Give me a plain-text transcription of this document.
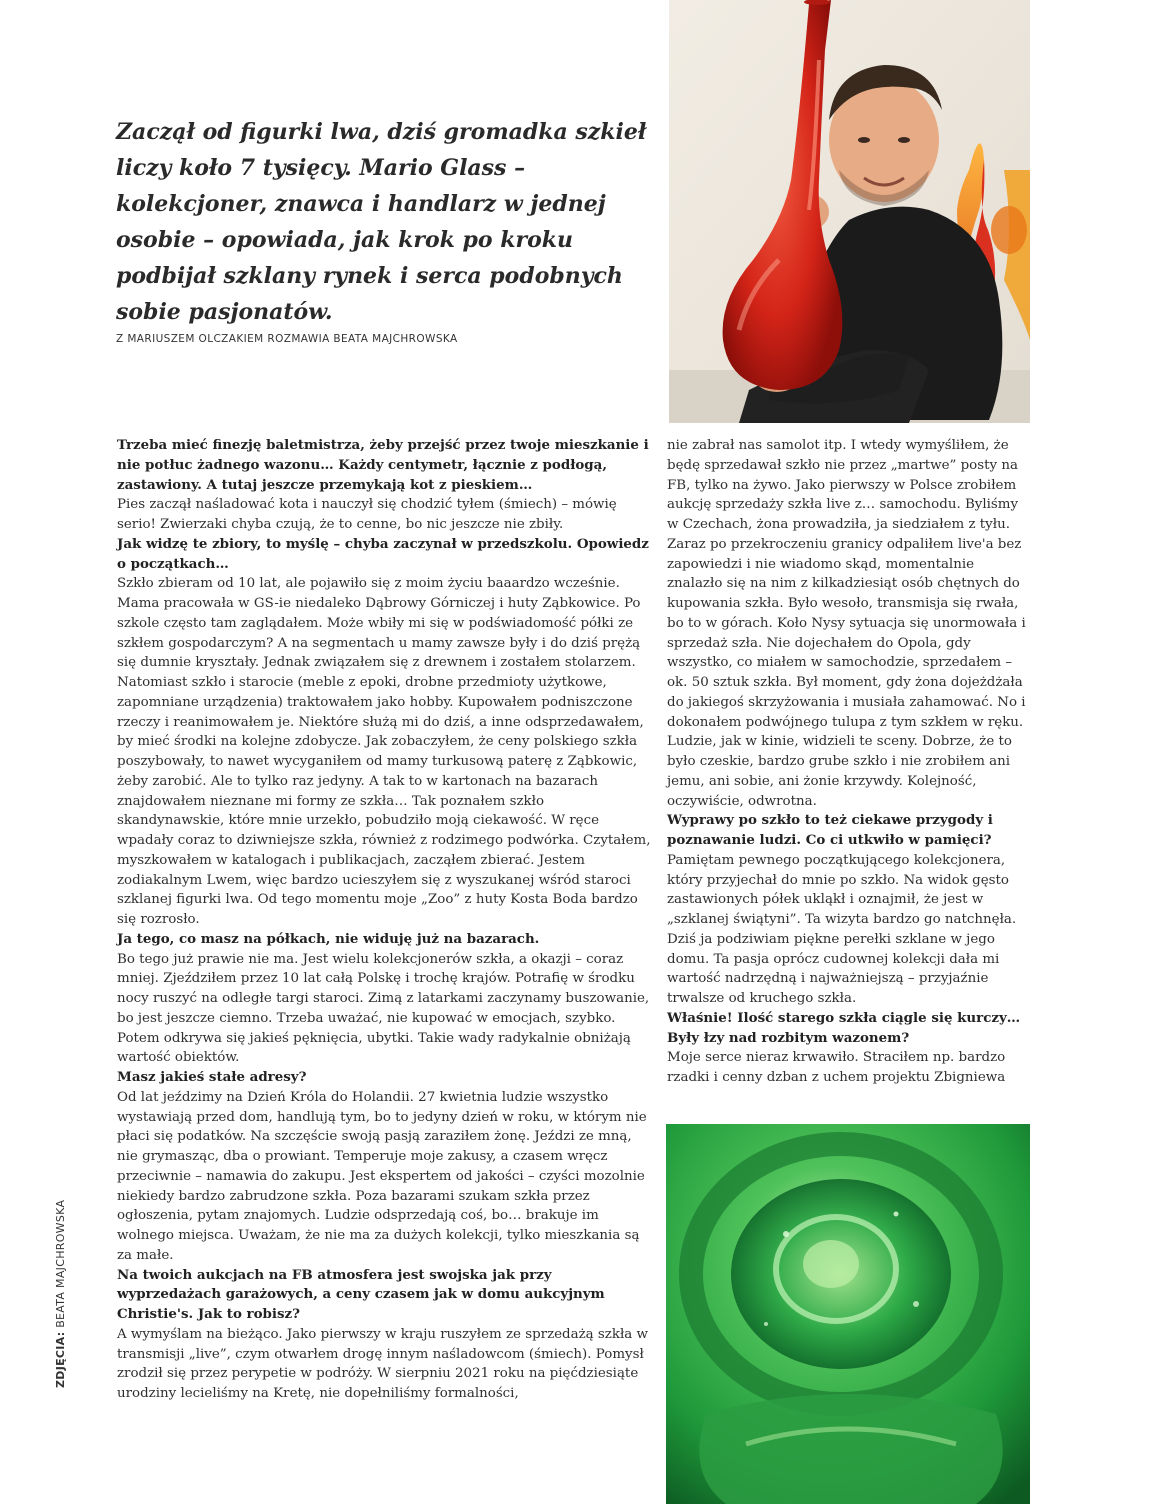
Zaczął od figurki lwa, dziś gromadka szkieł liczy koło 7 tysięcy. Mario Glass – kolekcjoner, znawca i handlarz w jednej osobie – opowiada, jak krok po kroku podbijał szklany rynek i serca podobnych sobie pasjonatów.

Z MARIUSZEM OLCZAKIEM ROZMAWIA BEATA MAJCHROWSKA

Trzeba mieć finezję baletmistrza, żeby przejść przez twoje mieszkanie i nie potłuc żadnego wazonu… Każdy centymetr, łącznie z podłogą, zastawiony. A tutaj jeszcze przemykają kot z pieskiem…

Pies zaczął naśladować kota i nauczył się chodzić tyłem (śmiech) – mówię serio! Zwierzaki chyba czują, że to cenne, bo nic jeszcze nie zbiły.

Jak widzę te zbiory, to myślę – chyba zaczynał w przedszkolu. Opowiedz o początkach…

Szkło zbieram od 10 lat, ale pojawiło się z moim życiu baaardzo wcześnie. Mama pracowała w GS-ie niedaleko Dąbrowy Górniczej i huty Ząbkowice. Po szkole często tam zaglądałem. Może wbiły mi się w podświadomość półki ze szkłem gospodarczym? A na segmentach u mamy zawsze były i do dziś prężą się dumnie kryształy. Jednak związałem się z drewnem i zostałem stolarzem. Natomiast szkło i starocie (meble z epoki, drobne przedmioty użytkowe, zapomniane urządzenia) traktowałem jako hobby. Kupowałem podniszczone rzeczy i reanimowałem je. Niektóre służą mi do dziś, a inne odsprzedawałem, by mieć środki na kolejne zdobycze. Jak zobaczyłem, że ceny polskiego szkła poszybowały, to nawet wycyganiłem od mamy turkusową paterę z Ząbkowic, żeby zarobić. Ale to tylko raz jedyny. A tak to w kartonach na bazarach znajdowałem nieznane mi formy ze szkła… Tak poznałem szkło skandynawskie, które mnie urzekło, pobudziło moją ciekawość. W ręce wpadały coraz to dziwniejsze szkła, również z rodzimego podwórka. Czytałem, myszkowałem w katalogach i publikacjach, zacząłem zbierać. Jestem zodiakalnym Lwem, więc bardzo ucieszyłem się z wyszukanej wśród staroci szklanej figurki lwa. Od tego momentu moje „Zoo” z huty Kosta Boda bardzo się rozrosło.

Ja tego, co masz na półkach, nie widuję już na bazarach.

Bo tego już prawie nie ma. Jest wielu kolekcjonerów szkła, a okazji – coraz mniej. Zjeździłem przez 10 lat całą Polskę i trochę krajów. Potrafię w środku nocy ruszyć na odległe targi staroci. Zimą z latarkami zaczynamy buszowanie, bo jest jeszcze ciemno. Trzeba uważać, nie kupować w emocjach, szybko. Potem odkrywa się jakieś pęknięcia, ubytki. Takie wady radykalnie obniżają wartość obiektów.

Masz jakieś stałe adresy?

Od lat jeździmy na Dzień Króla do Holandii. 27 kwietnia ludzie wszystko wystawiają przed dom, handlują tym, bo to jedyny dzień w roku, w którym nie płaci się podatków. Na szczęście swoją pasją zaraziłem żonę. Jeździ ze mną, nie grymasząc, dba o prowiant. Temperuje moje zakusy, a czasem wręcz przeciwnie – namawia do zakupu. Jest ekspertem od jakości – czyści mozolnie niekiedy bardzo zabrudzone szkła. Poza bazarami szukam szkła przez ogłoszenia, pytam znajomych. Ludzie odsprzedają coś, bo… brakuje im wolnego miejsca. Uważam, że nie ma za dużych kolekcji, tylko mieszkania są za małe.

Na twoich aukcjach na FB atmosfera jest swojska jak przy wyprzedażach garażowych, a ceny czasem jak w domu aukcyjnym Christie's. Jak to robisz?

A wymyślam na bieżąco. Jako pierwszy w kraju ruszyłem ze sprzedażą szkła w transmisji „live”, czym otwarłem drogę innym naśladowcom (śmiech). Pomysł zrodził się przez perypetie w podróży. W sierpniu 2021 roku na pięćdziesiąte urodziny lecieliśmy na Kretę, nie dopełniliśmy formalności,

nie zabrał nas samolot itp. I wtedy wymyśliłem, że będę sprzedawał szkło nie przez „martwe” posty na FB, tylko na żywo. Jako pierwszy w Polsce zrobiłem aukcję sprzedaży szkła live z… samochodu. Byliśmy w Czechach, żona prowadziła, ja siedziałem z tyłu. Zaraz po przekroczeniu granicy odpaliłem live'a bez zapowiedzi i nie wiadomo skąd, momentalnie znalazło się na nim z kilkadziesiąt osób chętnych do kupowania szkła. Było wesoło, transmisja się rwała, bo to w górach. Koło Nysy sytuacja się unormowała i sprzedaż szła. Nie dojechałem do Opola, gdy wszystko, co miałem w samochodzie, sprzedałem – ok. 50 sztuk szkła. Był moment, gdy żona dojeżdżała do jakiegoś skrzyżowania i musiała zahamować. No i dokonałem podwójnego tulupa z tym szkłem w ręku. Ludzie, jak w kinie, widzieli te sceny. Dobrze, że to było czeskie, bardzo grube szkło i nie zrobiłem ani jemu, ani sobie, ani żonie krzywdy. Kolejność, oczywiście, odwrotna.

Wyprawy po szkło to też ciekawe przygody i poznawanie ludzi. Co ci utkwiło w pamięci?

Pamiętam pewnego początkującego kolekcjonera, który przyjechał do mnie po szkło. Na widok gęsto zastawionych półek ukląkł i oznajmił, że jest w „szklanej świątyni”. Ta wizyta bardzo go natchnęła. Dziś ja podziwiam piękne perełki szklane w jego domu. Ta pasja oprócz cudownej kolekcji dała mi wartość nadrzędną i najważniejszą – przyjaźnie trwalsze od kruchego szkła.

Właśnie! Ilość starego szkła ciągle się kurczy… Były łzy nad rozbitym wazonem?

Moje serce nieraz krwawiło. Straciłem np. bardzo rzadki i cenny dzban z uchem projektu Zbigniewa

ZDJĘCIA: BEATA MAJCHROWSKA
